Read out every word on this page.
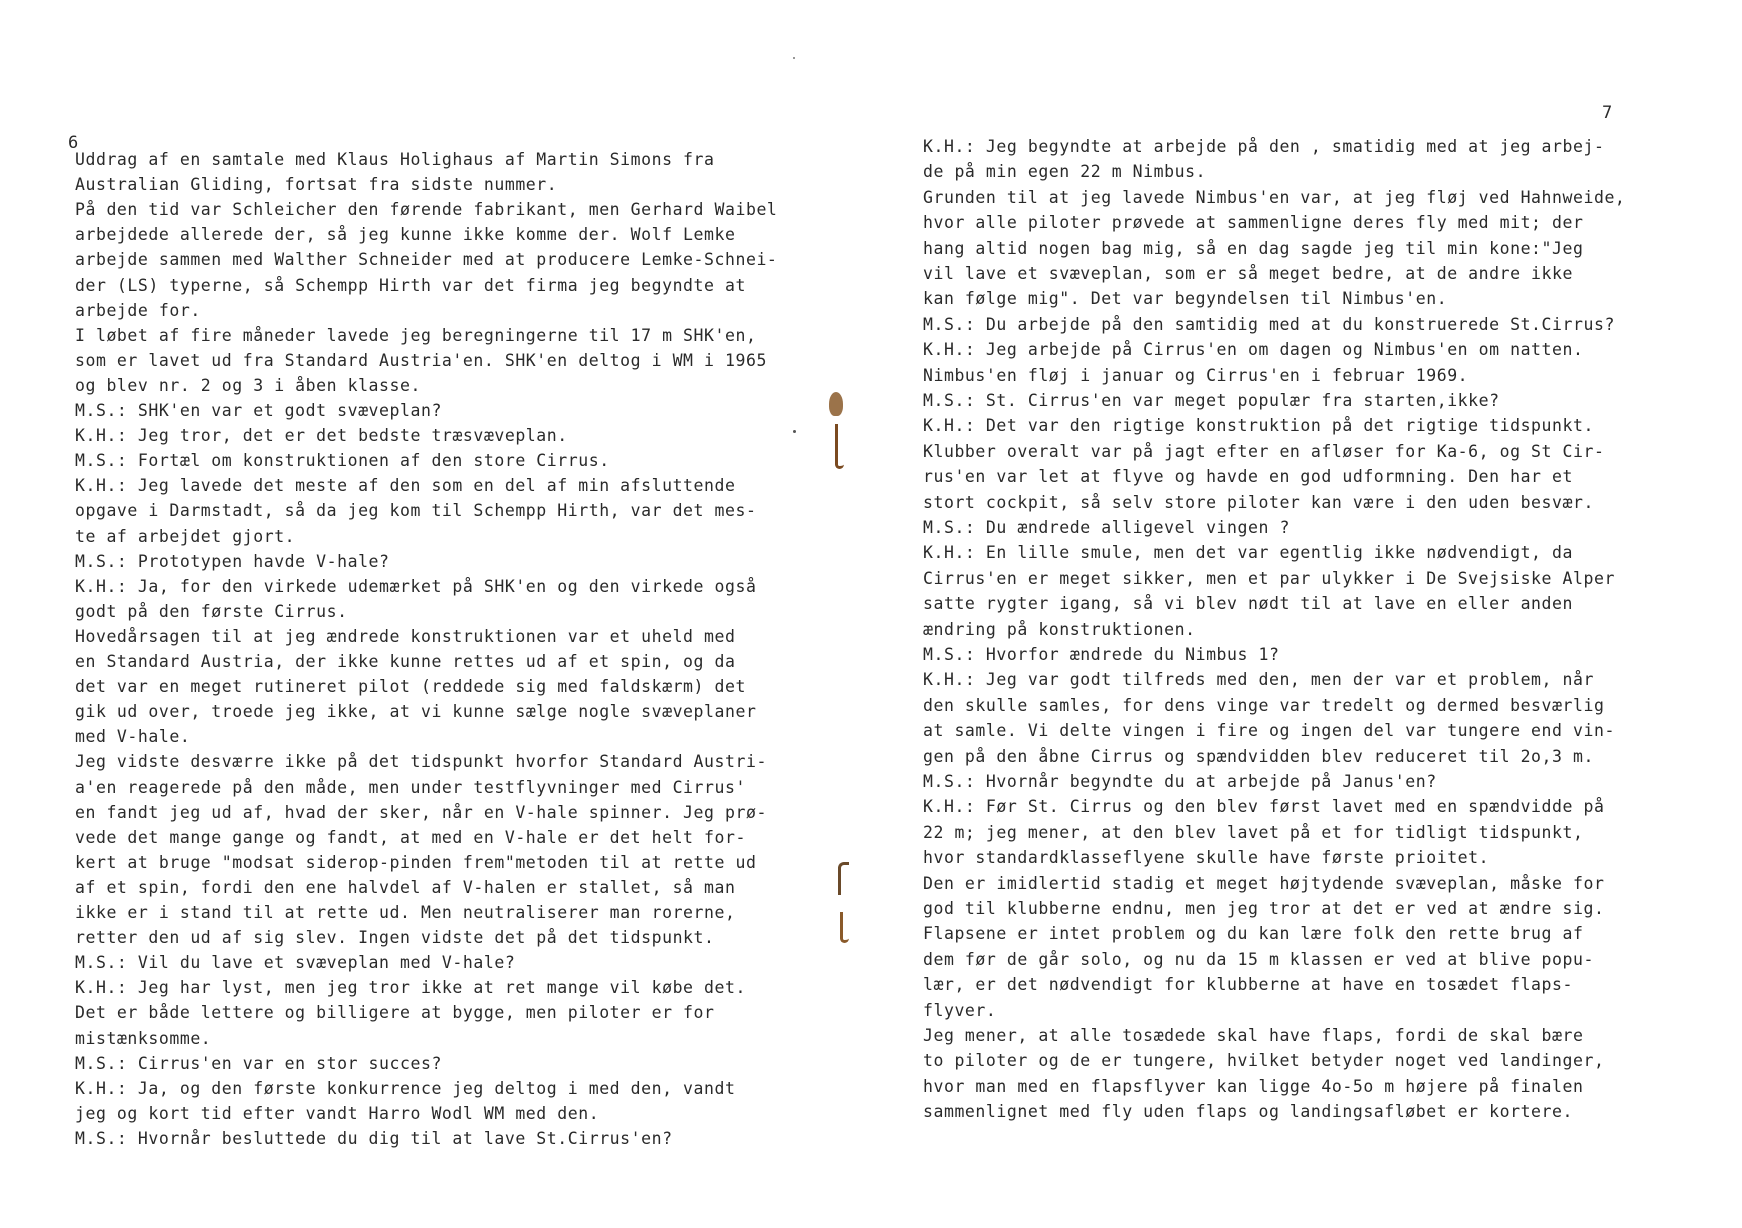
6
Uddrag af en samtale med Klaus Holighaus af Martin Simons fra
Australian Gliding, fortsat fra sidste nummer.
På den tid var Schleicher den førende fabrikant, men Gerhard Waibel
arbejdede allerede der, så jeg kunne ikke komme der. Wolf Lemke
arbejde sammen med Walther Schneider med at producere Lemke-Schnei-
der (LS) typerne, så Schempp Hirth var det firma jeg begyndte at
arbejde for.
I løbet af fire måneder lavede jeg beregningerne til 17 m SHK'en,
som er lavet ud fra Standard Austria'en. SHK'en deltog i WM i 1965
og blev nr. 2 og 3 i åben klasse.
M.S.: SHK'en var et godt svæveplan?
K.H.: Jeg tror, det er det bedste træsvæveplan.
M.S.: Fortæl om konstruktionen af den store Cirrus.
K.H.: Jeg lavede det meste af den som en del af min afsluttende
opgave i Darmstadt, så da jeg kom til Schempp Hirth, var det mes-
te af arbejdet gjort.
M.S.: Prototypen havde V-hale?
K.H.: Ja, for den virkede udemærket på SHK'en og den virkede også
godt på den første Cirrus.
Hovedårsagen til at jeg ændrede konstruktionen var et uheld med
en Standard Austria, der ikke kunne rettes ud af et spin, og da
det var en meget rutineret pilot (reddede sig med faldskærm) det
gik ud over, troede jeg ikke, at vi kunne sælge nogle svæveplaner
med V-hale.
Jeg vidste desværre ikke på det tidspunkt hvorfor Standard Austri-
a'en reagerede på den måde, men under testflyvninger med Cirrus'
en fandt jeg ud af, hvad der sker, når en V-hale spinner. Jeg prø-
vede det mange gange og fandt, at med en V-hale er det helt for-
kert at bruge "modsat siderор-pinden frem"metoden til at rette ud
af et spin, fordi den ene halvdel af V-halen er stallet, så man
ikke er i stand til at rette ud. Men neutraliserer man rorerne,
retter den ud af sig slev. Ingen vidste det på det tidspunkt.
M.S.: Vil du lave et svæveplan med V-hale?
K.H.: Jeg har lyst, men jeg tror ikke at ret mange vil købe det.
Det er både lettere og billigere at bygge, men piloter er for
mistænksomme.
M.S.: Cirrus'en var en stor succes?
K.H.: Ja, og den første konkurrence jeg deltog i med den, vandt
jeg og kort tid efter vandt Harro Wodl WM med den.
M.S.: Hvornår besluttede du dig til at lave St.Cirrus'en?
7
K.H.: Jeg begyndte at arbejde på den , smatidig med at jeg arbej-
de på min egen 22 m Nimbus.
Grunden til at jeg lavede Nimbus'en var, at jeg fløj ved Hahnweide,
hvor alle piloter prøvede at sammenligne deres fly med mit; der
hang altid nogen bag mig, så en dag sagde jeg til min kone:"Jeg
vil lave et svæveplan, som er så meget bedre, at de andre ikke
kan følge mig". Det var begyndelsen til Nimbus'en.
M.S.: Du arbejde på den samtidig med at du konstruerede St.Cirrus?
K.H.: Jeg arbejde på Cirrus'en om dagen og Nimbus'en om natten.
Nimbus'en fløj i januar og Cirrus'en i februar 1969.
M.S.: St. Cirrus'en var meget populær fra starten,ikke?
K.H.: Det var den rigtige konstruktion på det rigtige tidspunkt.
Klubber overalt var på jagt efter en afløser for Ka-6, og St Cir-
rus'en var let at flyve og havde en god udformning. Den har et
stort cockpit, så selv store piloter kan være i den uden besvær.
M.S.: Du ændrede alligevel vingen ?
K.H.: En lille smule, men det var egentlig ikke nødvendigt, da
Cirrus'en er meget sikker, men et par ulykker i De Svejsiske Alper
satte rygter igang, så vi blev nødt til at lave en eller anden
ændring på konstruktionen.
M.S.: Hvorfor ændrede du Nimbus 1?
K.H.: Jeg var godt tilfreds med den, men der var et problem, når
den skulle samles, for dens vinge var tredelt og dermed besværlig
at samle. Vi delte vingen i fire og ingen del var tungere end vin-
gen på den åbne Cirrus og spændvidden blev reduceret til 2o,3 m.
M.S.: Hvornår begyndte du at arbejde på Janus'en?
K.H.: Før St. Cirrus og den blev først lavet med en spændvidde på
22 m; jeg mener, at den blev lavet på et for tidligt tidspunkt,
hvor standardklasseflyene skulle have første prioitet.
Den er imidlertid stadig et meget højtydende svæveplan, måske for
god til klubberne endnu, men jeg tror at det er ved at ændre sig.
Flapsene er intet problem og du kan lære folk den rette brug af
dem før de går solo, og nu da 15 m klassen er ved at blive popu-
lær, er det nødvendigt for klubberne at have en tosædet flaps-
flyver.
Jeg mener, at alle tosædede skal have flaps, fordi de skal bære
to piloter og de er tungere, hvilket betyder noget ved landinger,
hvor man med en flapsflyver kan ligge 4o-5o m højere på finalen
sammenlignet med fly uden flaps og landingsafløbet er kortere.
